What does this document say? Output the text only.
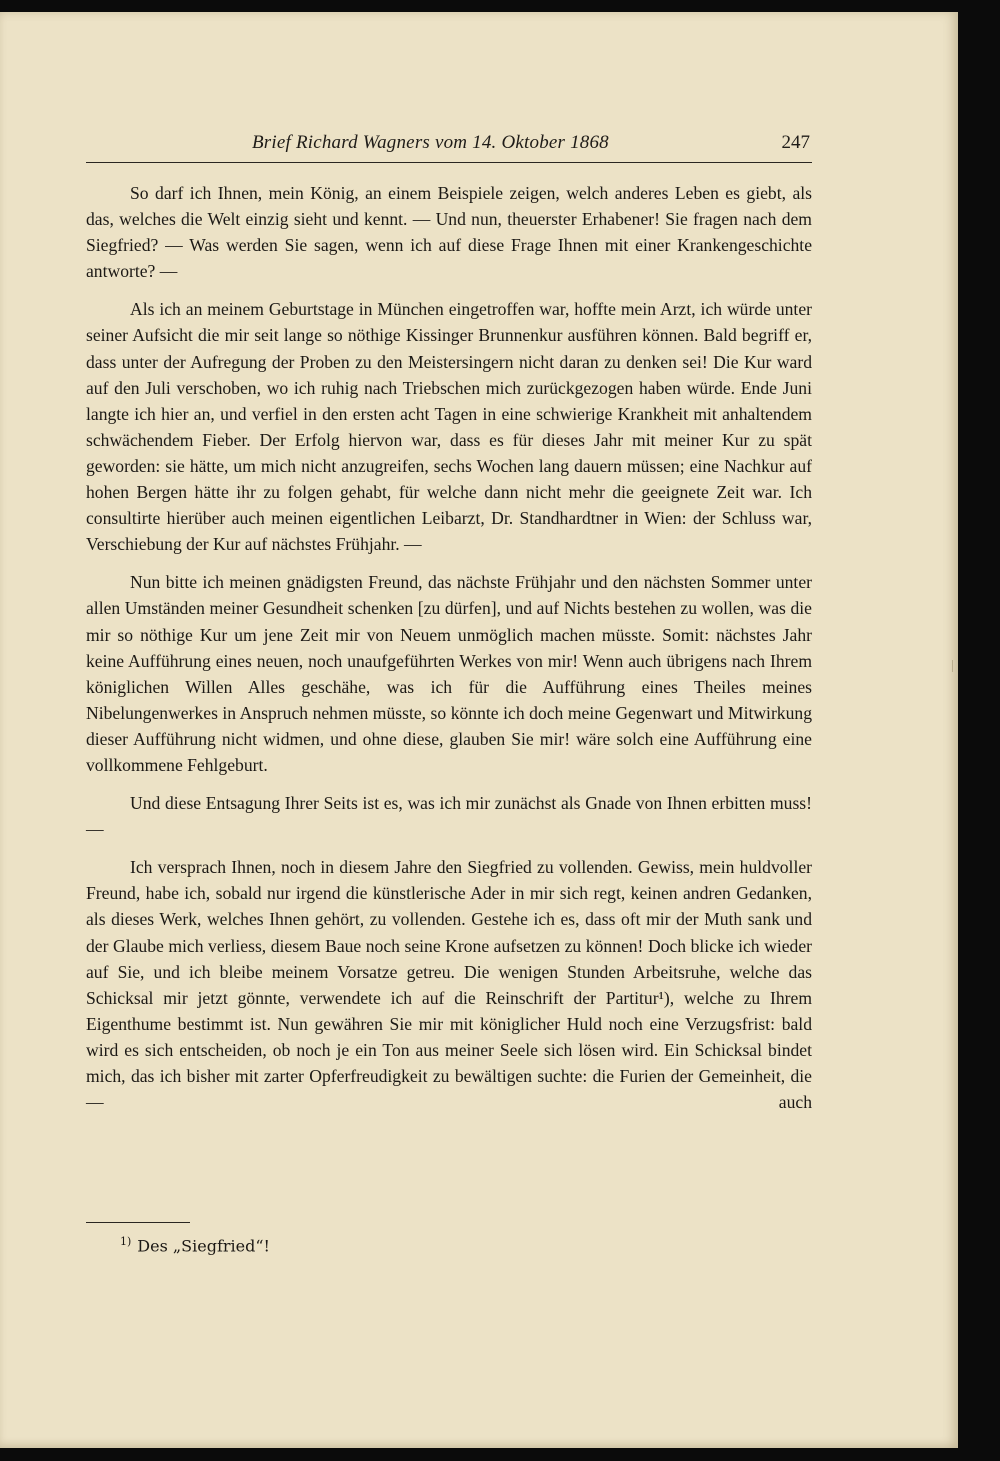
Brief Richard Wagners vom 14. Oktober 1868	247

So darf ich Ihnen, mein König, an einem Beispiele zeigen, welch anderes Leben es giebt, als das, welches die Welt einzig sieht und kennt. — Und nun, theuerster Erhabener! Sie fragen nach dem Siegfried? — Was werden Sie sagen, wenn ich auf diese Frage Ihnen mit einer Krankengeschichte antworte? —

Als ich an meinem Geburtstage in München eingetroffen war, hoffte mein Arzt, ich würde unter seiner Aufsicht die mir seit lange so nöthige Kissinger Brunnenkur ausführen können. Bald begriff er, dass unter der Aufregung der Proben zu den Meistersingern nicht daran zu denken sei! Die Kur ward auf den Juli verschoben, wo ich ruhig nach Triebschen mich zurückgezogen haben würde. Ende Juni langte ich hier an, und verfiel in den ersten acht Tagen in eine schwierige Krankheit mit anhaltendem schwächendem Fieber. Der Erfolg hiervon war, dass es für dieses Jahr mit meiner Kur zu spät geworden: sie hätte, um mich nicht anzugreifen, sechs Wochen lang dauern müssen; eine Nachkur auf hohen Bergen hätte ihr zu folgen gehabt, für welche dann nicht mehr die geeignete Zeit war. Ich consultirte hierüber auch meinen eigentlichen Leibarzt, Dr. Standhardtner in Wien: der Schluss war, Verschiebung der Kur auf nächstes Frühjahr. —

Nun bitte ich meinen gnädigsten Freund, das nächste Frühjahr und den nächsten Sommer unter allen Umständen meiner Gesundheit schenken [zu dürfen], und auf Nichts bestehen zu wollen, was die mir so nöthige Kur um jene Zeit mir von Neuem unmöglich machen müsste. Somit: nächstes Jahr keine Aufführung eines neuen, noch unaufgeführten Werkes von mir! Wenn auch übrigens nach Ihrem königlichen Willen Alles geschähe, was ich für die Aufführung eines Theiles meines Nibelungenwerkes in Anspruch nehmen müsste, so könnte ich doch meine Gegenwart und Mitwirkung dieser Aufführung nicht widmen, und ohne diese, glauben Sie mir! wäre solch eine Aufführung eine vollkommene Fehlgeburt.

Und diese Entsagung Ihrer Seits ist es, was ich mir zunächst als Gnade von Ihnen erbitten muss! —

Ich versprach Ihnen, noch in diesem Jahre den Siegfried zu vollenden. Gewiss, mein huldvoller Freund, habe ich, sobald nur irgend die künstlerische Ader in mir sich regt, keinen andren Gedanken, als dieses Werk, welches Ihnen gehört, zu vollenden. Gestehe ich es, dass oft mir der Muth sank und der Glaube mich verliess, diesem Baue noch seine Krone aufsetzen zu können! Doch blicke ich wieder auf Sie, und ich bleibe meinem Vorsatze getreu. Die wenigen Stunden Arbeitsruhe, welche das Schicksal mir jetzt gönnte, verwendete ich auf die Reinschrift der Partitur¹), welche zu Ihrem Eigenthume bestimmt ist. Nun gewähren Sie mir mit königlicher Huld noch eine Verzugsfrist: bald wird es sich entscheiden, ob noch je ein Ton aus meiner Seele sich lösen wird. Ein Schicksal bindet mich, das ich bisher mit zarter Opferfreudigkeit zu bewältigen suchte: die Furien der Gemeinheit, die — auch

$^{1)}$ Des „Siegfried“!
